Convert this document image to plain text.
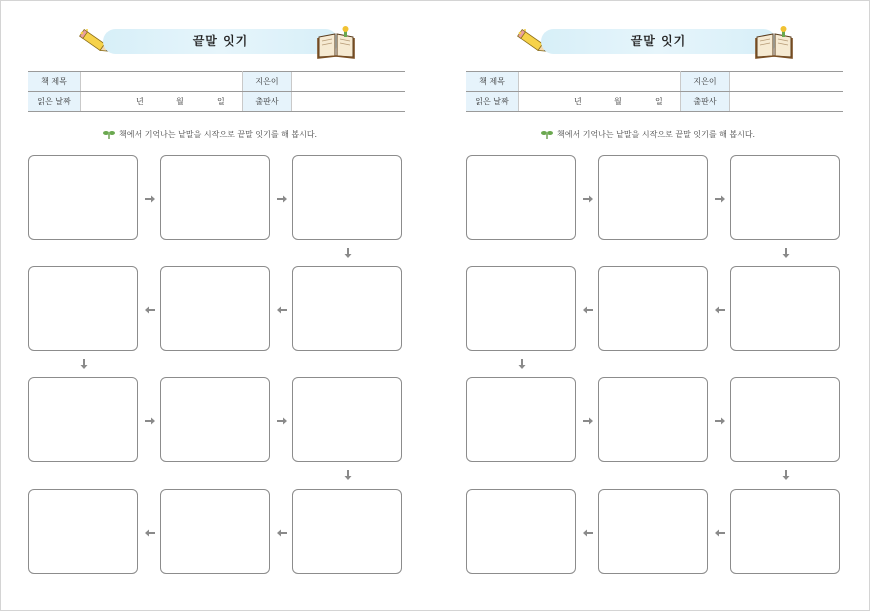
끝말 잇기
책 제목		지은이	
읽은 날짜	년 월 일	출판사	
책에서 기억나는 낱말을 시작으로 끝말 잇기를 해 봅시다.
끝말 잇기
책 제목		지은이	
읽은 날짜	년 월 일	출판사	
책에서 기억나는 낱말을 시작으로 끝말 잇기를 해 봅시다.
